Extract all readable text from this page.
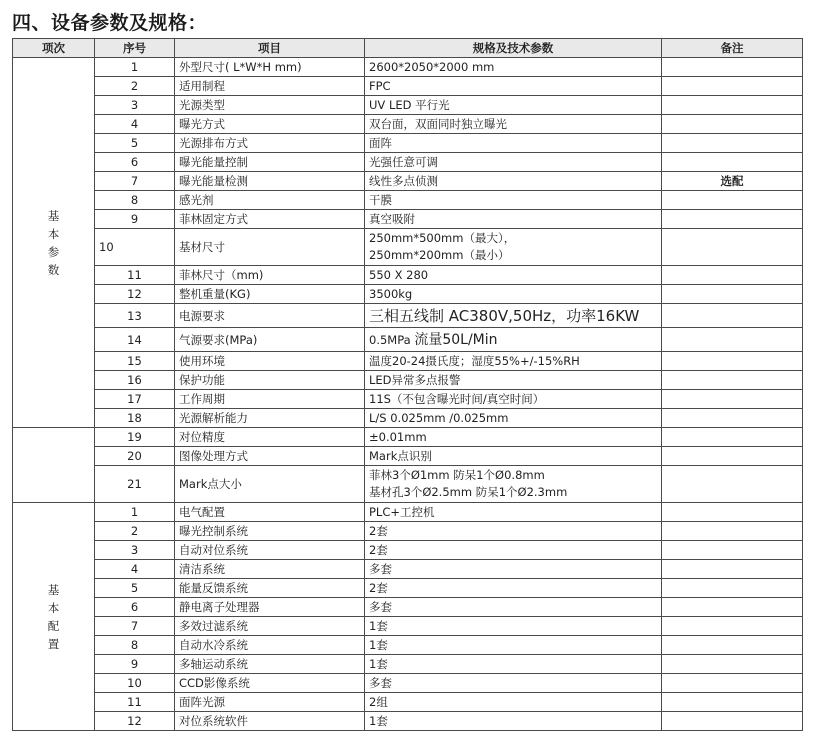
四、设备参数及规格：
项次	序号	项目	规格及技术参数	备注

基
本
参
数	1	外型尺寸( L*W*H mm)	2600*2050*2000 mm	
	2	适用制程	FPC	
	3	光源类型	UV LED 平行光	
	4	曝光方式	双台面，双面同时独立曝光	
	5	光源排布方式	面阵	
	6	曝光能量控制	光强任意可调	
	7	曝光能量检测	线性多点侦测	选配
	8	感光剂	干膜	
	9	菲林固定方式	真空吸附	
	10	基材尺寸	250mm*500mm（最大），
250mm*200mm（最小）	

	11	菲林尺寸（mm)	550 X 280	
	12	整机重量(KG)	3500kg	
	13	电源要求	三相五线制 AC380V,50Hz，功率16KW	
	14	气源要求(MPa)	0.5MPa 流量50L/Min	
	15	使用环境	温度20-24摄氏度；湿度55%+/-15%RH	
	16	保护功能	LED异常多点报警	
	17	工作周期	11S（不包含曝光时间/真空时间）	
	18	光源解析能力	L/S 0.025mm /0.025mm	
	19	对位精度	±0.01mm	
	20	图像处理方式	Mark点识别	
	21	Mark点大小	菲林3个Ø1mm 防呆1个Ø0.8mm
基材孔3个Ø2.5mm 防呆1个Ø2.3mm	

基
本
配
置	1	电气配置	PLC+工控机	
	2	曝光控制系统	2套	
	3	自动对位系统	2套	
	4	清洁系统	多套	
	5	能量反馈系统	2套	
	6	静电离子处理器	多套	
	7	多效过滤系统	1套	
	8	自动水冷系统	1套	
	9	多轴运动系统	1套	
	10	CCD影像系统	多套	
	11	面阵光源	2组	
	12	对位系统软件	1套	
